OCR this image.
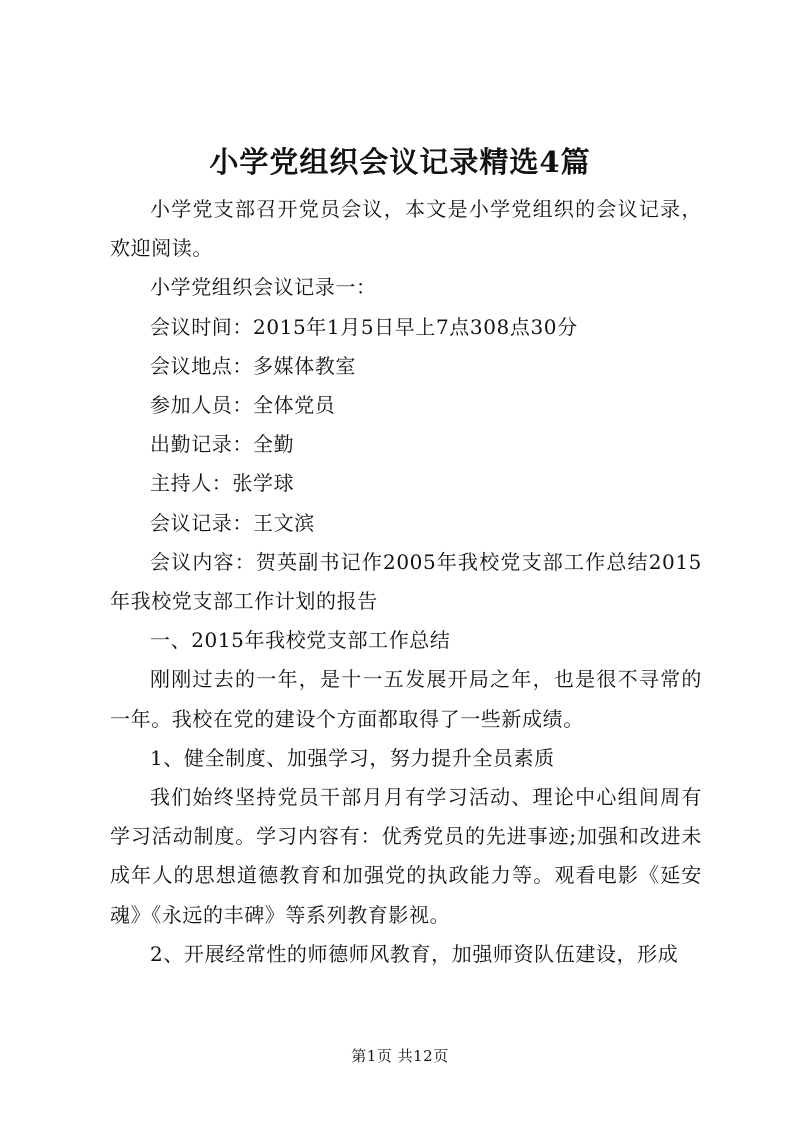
小学党组织会议记录精选4篇

小学党支部召开党员会议，本文是小学党组织的会议记录，欢迎阅读。

小学党组织会议记录一：

会议时间：2015年1月5日早上7点308点30分

会议地点：多媒体教室

参加人员：全体党员

出勤记录：全勤

主持人：张学球

会议记录：王文滨

会议内容：贺英副书记作2005年我校党支部工作总结2015年我校党支部工作计划的报告

一、2015年我校党支部工作总结

刚刚过去的一年，是十一五发展开局之年，也是很不寻常的一年。我校在党的建设个方面都取得了一些新成绩。

1、健全制度、加强学习，努力提升全员素质

我们始终坚持党员干部月月有学习活动、理论中心组间周有学习活动制度。学习内容有：优秀党员的先进事迹;加强和改进未成年人的思想道德教育和加强党的执政能力等。观看电影《延安魂》《永远的丰碑》等系列教育影视。

2、开展经常性的师德师风教育，加强师资队伍建设，形成

第1页 共12页
